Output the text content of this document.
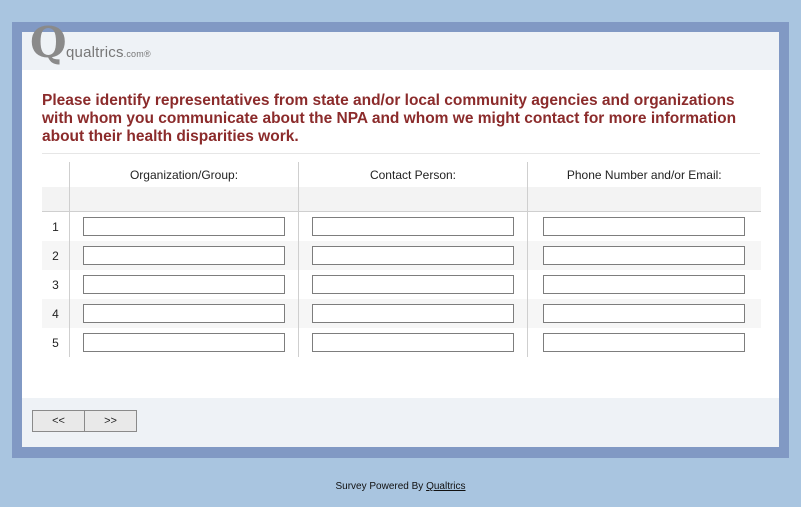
Q qualtrics.com®

Please identify representatives from state and/or local community agencies and organizations with whom you communicate about the NPA and whom we might contact for more information about their health disparities work.

	Organization/Group:	Contact Person:	Phone Number and/or Email:

1			
2			
3			
4			
5			
<<	>>
Survey Powered By Qualtrics
